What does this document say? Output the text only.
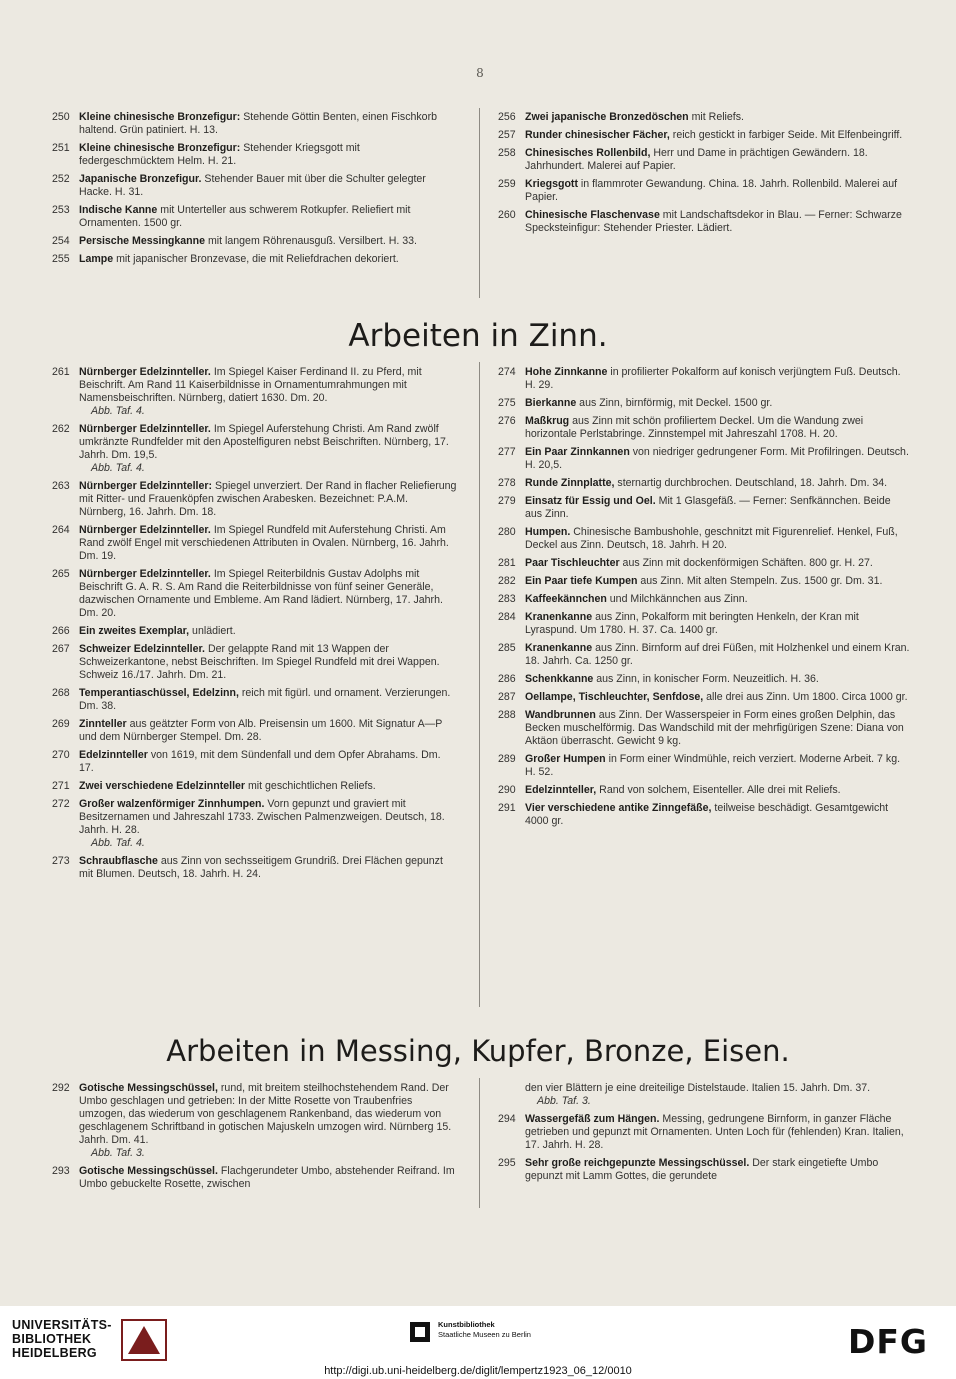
8
250 Kleine chinesische Bronzefigur: Stehende Göttin Benten, einen Fischkorb haltend. Grün patiniert. H. 13.
251 Kleine chinesische Bronzefigur: Stehender Kriegsgott mit federgeschmücktem Helm. H. 21.
252 Japanische Bronzefigur. Stehender Bauer mit über die Schulter gelegter Hacke. H. 31.
253 Indische Kanne mit Unterteller aus schwerem Rotkupfer. Reliefiert mit Ornamenten. 1500 gr.
254 Persische Messingkanne mit langem Röhrenausguß. Versilbert. H. 33.
255 Lampe mit japanischer Bronzevase, die mit Reliefdrachen dekoriert.
256 Zwei japanische Bronzedöschen mit Reliefs.
257 Runder chinesischer Fächer, reich gestickt in farbiger Seide. Mit Elfenbeingriff.
258 Chinesisches Rollenbild, Herr und Dame in prächtigen Gewändern. 18. Jahrhundert. Malerei auf Papier.
259 Kriegsgott in flammroter Gewandung. China. 18. Jahrh. Rollenbild. Malerei auf Papier.
260 Chinesische Flaschenvase mit Landschaftsdekor in Blau. — Ferner: Schwarze Specksteinfigur: Stehender Priester. Lädiert.
Arbeiten in Zinn.
261 Nürnberger Edelzinnteller. Im Spiegel Kaiser Ferdinand II. zu Pferd, mit Beischrift. Am Rand 11 Kaiserbildnisse in Ornamentumrahmungen mit Namensbeischriften. Nürnberg, datiert 1630. Dm. 20.
Abb. Taf. 4.
262 Nürnberger Edelzinnteller. Im Spiegel Auferstehung Christi. Am Rand zwölf umkränzte Rundfelder mit den Apostelfiguren nebst Beischriften. Nürnberg, 17. Jahrh. Dm. 19,5.
Abb. Taf. 4.
263 Nürnberger Edelzinnteller: Spiegel unverziert. Der Rand in flacher Reliefierung mit Ritter- und Frauenköpfen zwischen Arabesken. Bezeichnet: P.A.M. Nürnberg, 16. Jahrh. Dm. 18.
264 Nürnberger Edelzinnteller. Im Spiegel Rundfeld mit Auferstehung Christi. Am Rand zwölf Engel mit verschiedenen Attributen in Ovalen. Nürnberg, 16. Jahrh. Dm. 19.
265 Nürnberger Edelzinnteller. Im Spiegel Reiterbildnis Gustav Adolphs mit Beischrift G. A. R. S. Am Rand die Reiterbildnisse von fünf seiner Generäle, dazwischen Ornamente und Embleme. Am Rand lädiert. Nürnberg, 17. Jahrh. Dm. 20.
266 Ein zweites Exemplar, unlädiert.
267 Schweizer Edelzinnteller. Der gelappte Rand mit 13 Wappen der Schweizerkantone, nebst Beischriften. Im Spiegel Rundfeld mit drei Wappen. Schweiz 16./17. Jahrh. Dm. 21.
268 Temperantiaschüssel, Edelzinn, reich mit figürl. und ornament. Verzierungen. Dm. 38.
269 Zinnteller aus geätzter Form von Alb. Preisensin um 1600. Mit Signatur A—P und dem Nürnberger Stempel. Dm. 28.
270 Edelzinnteller von 1619, mit dem Sündenfall und dem Opfer Abrahams. Dm. 17.
271 Zwei verschiedene Edelzinnteller mit geschichtlichen Reliefs.
272 Großer walzenförmiger Zinnhumpen. Vorn gepunzt und graviert mit Besitzernamen und Jahreszahl 1733. Zwischen Palmenzweigen. Deutsch, 18. Jahrh. H. 28.
Abb. Taf. 4.
273 Schraubflasche aus Zinn von sechsseitigem Grundriß. Drei Flächen gepunzt mit Blumen. Deutsch, 18. Jahrh. H. 24.
274 Hohe Zinnkanne in profilierter Pokalform auf konisch verjüngtem Fuß. Deutsch. H. 29.
275 Bierkanne aus Zinn, birnförmig, mit Deckel. 1500 gr.
276 Maßkrug aus Zinn mit schön profiliertem Deckel. Um die Wandung zwei horizontale Perlstabringe. Zinnstempel mit Jahreszahl 1708. H. 20.
277 Ein Paar Zinnkannen von niedriger gedrungener Form. Mit Profilringen. Deutsch. H. 20,5.
278 Runde Zinnplatte, sternartig durchbrochen. Deutschland, 18. Jahrh. Dm. 34.
279 Einsatz für Essig und Oel. Mit 1 Glasgefäß. — Ferner: Senfkännchen. Beide aus Zinn.
280 Humpen. Chinesische Bambushohle, geschnitzt mit Figurenrelief. Henkel, Fuß, Deckel aus Zinn. Deutsch, 18. Jahrh. H 20.
281 Paar Tischleuchter aus Zinn mit dockenförmigen Schäften. 800 gr. H. 27.
282 Ein Paar tiefe Kumpen aus Zinn. Mit alten Stempeln. Zus. 1500 gr. Dm. 31.
283 Kaffeekännchen und Milchkännchen aus Zinn.
284 Kranenkanne aus Zinn, Pokalform mit beringten Henkeln, der Kran mit Lyraspund. Um 1780. H. 37. Ca. 1400 gr.
285 Kranenkanne aus Zinn. Birnform auf drei Füßen, mit Holzhenkel und einem Kran. 18. Jahrh. Ca. 1250 gr.
286 Schenkkanne aus Zinn, in konischer Form. Neuzeitlich. H. 36.
287 Oellampe, Tischleuchter, Senfdose, alle drei aus Zinn. Um 1800. Circa 1000 gr.
288 Wandbrunnen aus Zinn. Der Wasserspeier in Form eines großen Delphin, das Becken muschelförmig. Das Wandschild mit der mehrfigürigen Szene: Diana von Aktäon überrascht. Gewicht 9 kg.
289 Großer Humpen in Form einer Windmühle, reich verziert. Moderne Arbeit. 7 kg. H. 52.
290 Edelzinnteller, Rand von solchem, Eisenteller. Alle drei mit Reliefs.
291 Vier verschiedene antike Zinngefäße, teilweise beschädigt. Gesamtgewicht 4000 gr.
Arbeiten in Messing, Kupfer, Bronze, Eisen.
292 Gotische Messingschüssel, rund, mit breitem steilhochstehendem Rand. Der Umbo geschlagen und getrieben: In der Mitte Rosette von Traubenfries umzogen, das wiederum von geschlagenem Rankenband, das wiederum von geschlagenem Schriftband in gotischen Majuskeln umzogen wird. Nürnberg 15. Jahrh. Dm. 41.
Abb. Taf. 3.
293 Gotische Messingschüssel. Flachgerundeter Umbo, abstehender Reifrand. Im Umbo gebuckelte Rosette, zwischen
den vier Blättern je eine dreiteilige Distelstaude. Italien 15. Jahrh. Dm. 37.
Abb. Taf. 3.
294 Wassergefäß zum Hängen. Messing, gedrungene Birnform, in ganzer Fläche getrieben und gepunzt mit Ornamenten. Unten Loch für (fehlenden) Kran. Italien, 17. Jahrh. H. 28.
295 Sehr große reichgepunzte Messingschüssel. Der stark eingetiefte Umbo gepunzt mit Lamm Gottes, die gerundete
UNIVERSITÄTS-
BIBLIOTHEK
HEIDELBERG
Kunstbibliothek
Staatliche Museen zu Berlin	DFG
http://digi.ub.uni-heidelberg.de/diglit/lempertz1923_06_12/0010
